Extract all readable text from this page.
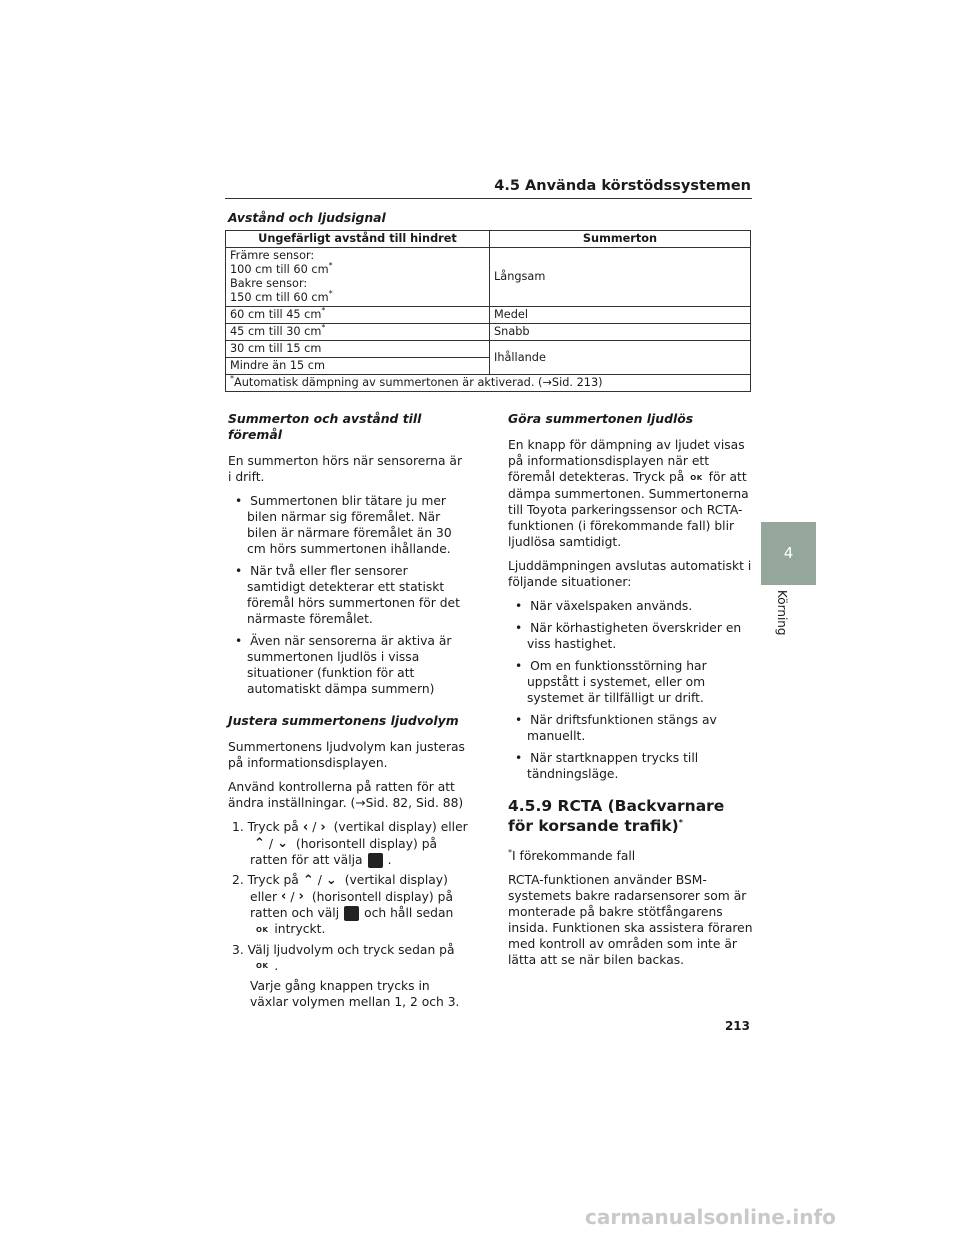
4.5 Använda körstödssystemen
Avstånd och ljudsignal
Ungefärligt avstånd till hindret	Summerton

Främre sensor:
100 cm till 60 cm*
Bakre sensor:
150 cm till 60 cm*	Långsam
60 cm till 45 cm*	Medel
45 cm till 30 cm*	Snabb
30 cm till 15 cm	Ihållande
Mindre än 15 cm	
*Automatisk dämpning av summertonen är aktiverad. (→Sid. 213)	
Summerton och avstånd till föremål

En summerton hörs när sensorerna är i drift.

• Summertonen blir tätare ju mer bilen närmar sig föremålet. När bilen är närmare föremålet än 30 cm hörs summertonen ihållande.

• När två eller fler sensorer samtidigt detekterar ett statiskt föremål hörs summertonen för det närmaste föremålet.

• Även när sensorerna är aktiva är summertonen ljudlös i vissa situationer (funktion för att automatiskt dämpa summern)

Justera summertonens ljudvolym

Summertonens ljudvolym kan justeras på informationsdisplayen.

Använd kontrollerna på ratten för att ändra inställningar. (→Sid. 82, Sid. 88)

1. Tryck på ‹ / › (vertikal display) eller⌃ / ⌄ (horisontell display) på ratten för att välja .

2. Tryck på ⌃ / ⌄ (vertikal display) eller ‹ / › (horisontell display) på ratten och välj och håll sedanOK intryckt.

3. Välj ljudvolym och tryck sedan påOK .

Varje gång knappen trycks in växlar volymen mellan 1, 2 och 3.

Göra summertonen ljudlös

En knapp för dämpning av ljudet visas på informationsdisplayen när ett föremål detekteras. Tryck på OK för att dämpa summertonen. Summertonerna till Toyota parkeringssensor och RCTA-funktionen (i förekommande fall) blir ljudlösa samtidigt.

Ljuddämpningen avslutas automatiskt i följande situationer:

• När växelspaken används.

• När körhastigheten överskrider en viss hastighet.

• Om en funktionsstörning har uppstått i systemet, eller om systemet är tillfälligt ur drift.

• När driftsfunktionen stängs av manuellt.

• När startknappen trycks till tändningsläge.

4.5.9 RCTA (Backvarnare för korsande trafik)*

*I förekommande fall

RCTA-funktionen använder BSM-systemets bakre radarsensorer som är monterade på bakre stötfångarens insida. Funktionen ska assistera föraren med kontroll av områden som inte är lätta att se när bilen backas.

4
Körning
213
carmanualsonline.info
